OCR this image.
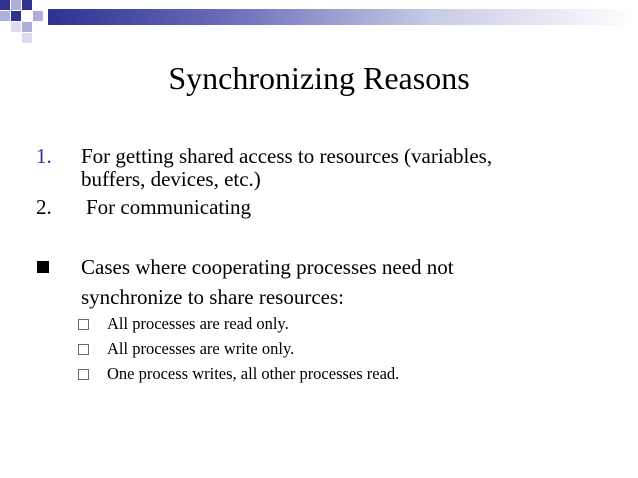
Synchronizing Reasons
1. For getting shared access to resources (variables,
buffers, devices, etc.)
2. For communicating
Cases where cooperating processes need not
synchronize to share resources:
All processes are read only.
All processes are write only.
One process writes, all other processes read.
